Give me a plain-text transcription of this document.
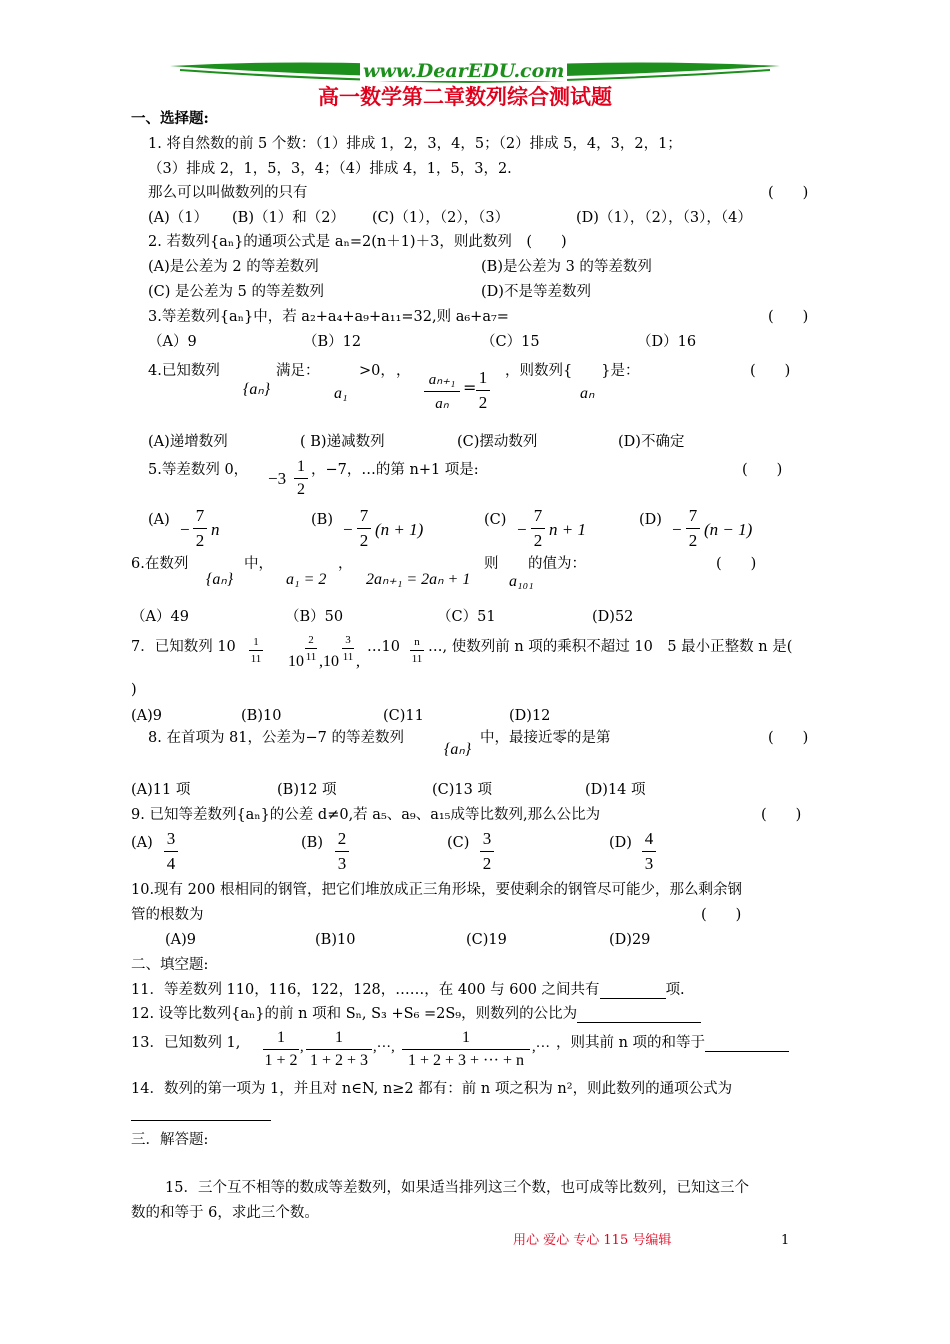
www.DearEDU.com
高一数学第二章数列综合测试题
一、选择题:
1. 将自然数的前 5 个数：（1）排成 1，2，3，4，5；（2）排成 5，4，3，2，1；
（3）排成 2，1，5，3，4；（4）排成 4，1，5，3，2.
那么可以叫做数列的只有	(　　)
(A)（1） (B)（1）和（2） (C)（1），（2），（3）	(D)（1），（2），（3），（4）
2. 若数列{aₙ}的通项公式是 aₙ=2(n＋1)＋3，则此数列　(　　)
(A)是公差为 2 的等差数列	(B)是公差为 3 的等差数列
(C) 是公差为 5 的等差数列	(D)不是等差数列
3.等差数列{aₙ}中，若 a₂+a₄+a₉+a₁₁=32,则 a₆+a₇=	(　　)
（A）9	（B）12	（C）15	（D）16
4.已知数列
{aₙ}
满足：
a₁
>0， ，
aₙ₊₁
aₙ
=
1
2
，则数列{　　}是：
aₙ
(　　)
(A)递增数列	( B)递减数列	(C)摆动数列	(D)不确定
5.等差数列 0， −3
1
2
，−7，…的第 n+1 项是:	(　　)
(A) −
7
2
n	(B) −
7
2
(n + 1)	(C) −
7
2
n + 1	(D) −
7
2
(n − 1)
6.在数列
{aₙ}
中，
a₁ = 2
，
2aₙ₊₁ = 2aₙ + 1
则
a₁₀₁
的值为：	(　　)
（A）49	（B）50	（C）51	(D)52
7．已知数列 10	1
11 10
2
11 ,10
3
11 ,
…10	n
11
…, 使数列前 n 项的乘积不超过 10　5 最小正整数 n 是(
)
(A)9	(B)10	(C)11	(D)12
8. 在首项为 81，公差为−7 的等差数列
{aₙ}
中，最接近零的是第	(　　)
(A)11 项	(B)12 项	(C)13 项	(D)14 项
9. 已知等差数列{aₙ}的公差 d≠0,若 a₅、a₉、a₁₅成等比数列,那么公比为	(　　)
(A) 3
4
(B) 2
3
(C) 3
2
(D) 4
3
10.现有 200 根相同的钢管，把它们堆放成正三角形垛，要使剩余的钢管尽可能少，那么剩余钢
管的根数为	(　　)
(A)9	(B)10	(C)19	(D)29
二、填空题:
11．等差数列 110，116，122，128，……，在 400 与 600 之间共有	项.
12. 设等比数列{aₙ}的前 n 项和 Sₙ, S₃ +S₆ =2S₉，则数列的公比为
13．已知数列 1,	1
1 + 2
,
1
1 + 2 + 3
,···,
1
1 + 2 + 3 + ··· + n
,··· ，则其前 n 项的和等于
14．数列的第一项为 1，并且对 n∈N, n≥2 都有：前 n 项之积为 n²，则此数列的通项公式为
三．解答题:
15．三个互不相等的数成等差数列，如果适当排列这三个数，也可成等比数列，已知这三个
数的和等于 6，求此三个数。
用心 爱心 专心 115 号编辑	1
